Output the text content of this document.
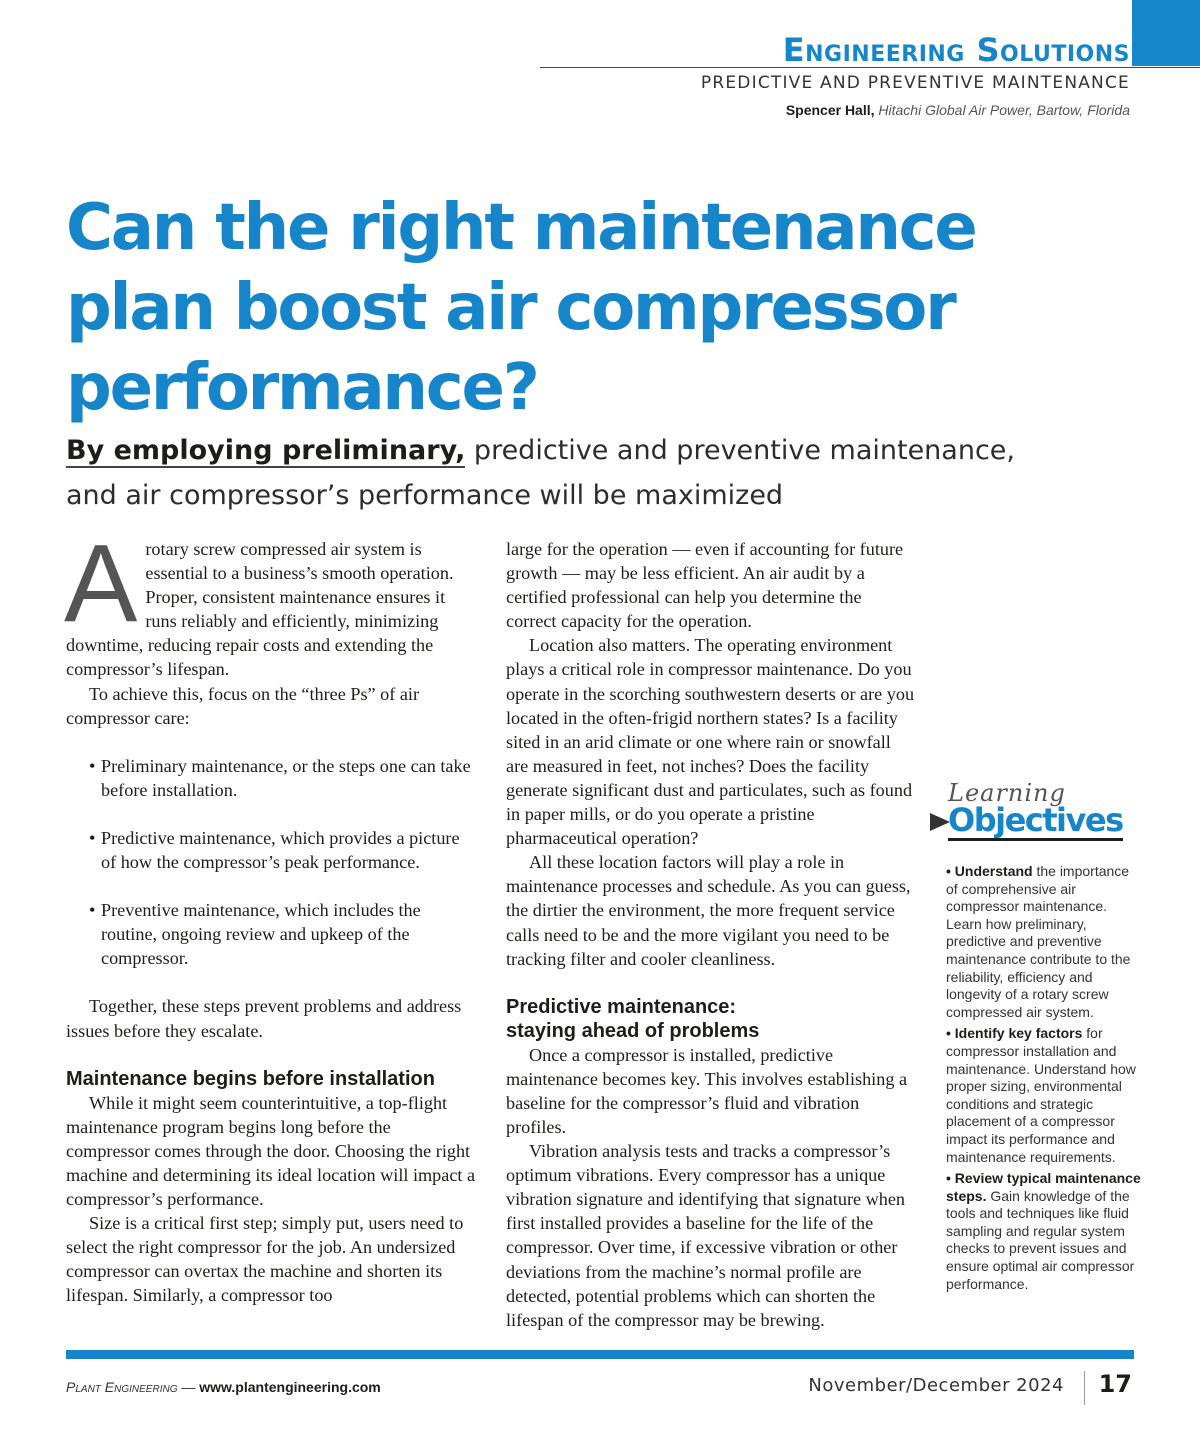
Engineering Solutions

PREDICTIVE AND PREVENTIVE MAINTENANCE

Spencer Hall, Hitachi Global Air Power, Bartow, Florida

Can the right maintenance plan boost air compressor performance?
By employing preliminary, predictive and preventive maintenance, and air compressor’s performance will be maximized
A rotary screw compressed air system is essential to a business’s smooth operation. Proper, consistent maintenance ensures it runs reliably and efficiently, minimizing downtime, reducing repair costs and extending the compressor’s lifespan.

To achieve this, focus on the “three Ps” of air compressor care:

• Preliminary maintenance, or the steps one can take before installation.
• Predictive maintenance, which provides a picture of how the compressor’s peak performance.
• Preventive maintenance, which includes the routine, ongoing review and upkeep of the compressor.

Together, these steps prevent problems and address issues before they escalate.

Maintenance begins before installation

While it might seem counterintuitive, a top-flight maintenance program begins long before the compressor comes through the door. Choosing the right machine and determining its ideal location will impact a compressor’s performance.

Size is a critical first step; simply put, users need to select the right compressor for the job. An undersized compressor can overtax the machine and shorten its lifespan. Similarly, a compressor too

large for the operation — even if accounting for future growth — may be less efficient. An air audit by a certified professional can help you determine the correct capacity for the operation.

Location also matters. The operating environment plays a critical role in compressor maintenance. Do you operate in the scorching southwestern deserts or are you located in the often-frigid northern states? Is a facility sited in an arid climate or one where rain or snowfall are measured in feet, not inches? Does the facility generate significant dust and particulates, such as found in paper mills, or do you operate a pristine pharmaceutical operation?

All these location factors will play a role in maintenance processes and schedule. As you can guess, the dirtier the environment, the more frequent service calls need to be and the more vigilant you need to be tracking filter and cooler cleanliness.

Predictive maintenance:
staying ahead of problems

Once a compressor is installed, predictive maintenance becomes key. This involves establishing a baseline for the compressor’s fluid and vibration profiles.

Vibration analysis tests and tracks a compressor’s optimum vibrations. Every compressor has a unique vibration signature and identifying that signature when first installed provides a baseline for the life of the compressor. Over time, if excessive vibration or other deviations from the machine’s normal profile are detected, potential problems which can shorten the lifespan of the compressor may be brewing.

Learning
Objectives
• Understand the importance of comprehensive air compressor maintenance. Learn how preliminary, predictive and preventive maintenance contribute to the reliability, efficiency and longevity of a rotary screw compressed air system.
• Identify key factors for compressor installation and maintenance. Understand how proper sizing, environmental conditions and strategic placement of a compressor impact its performance and maintenance requirements.
• Review typical maintenance steps. Gain knowledge of the tools and techniques like fluid sampling and regular system checks to prevent issues and ensure optimal air compressor performance.
Plant Engineering — www.plantengineering.com	November/December 2024 17
